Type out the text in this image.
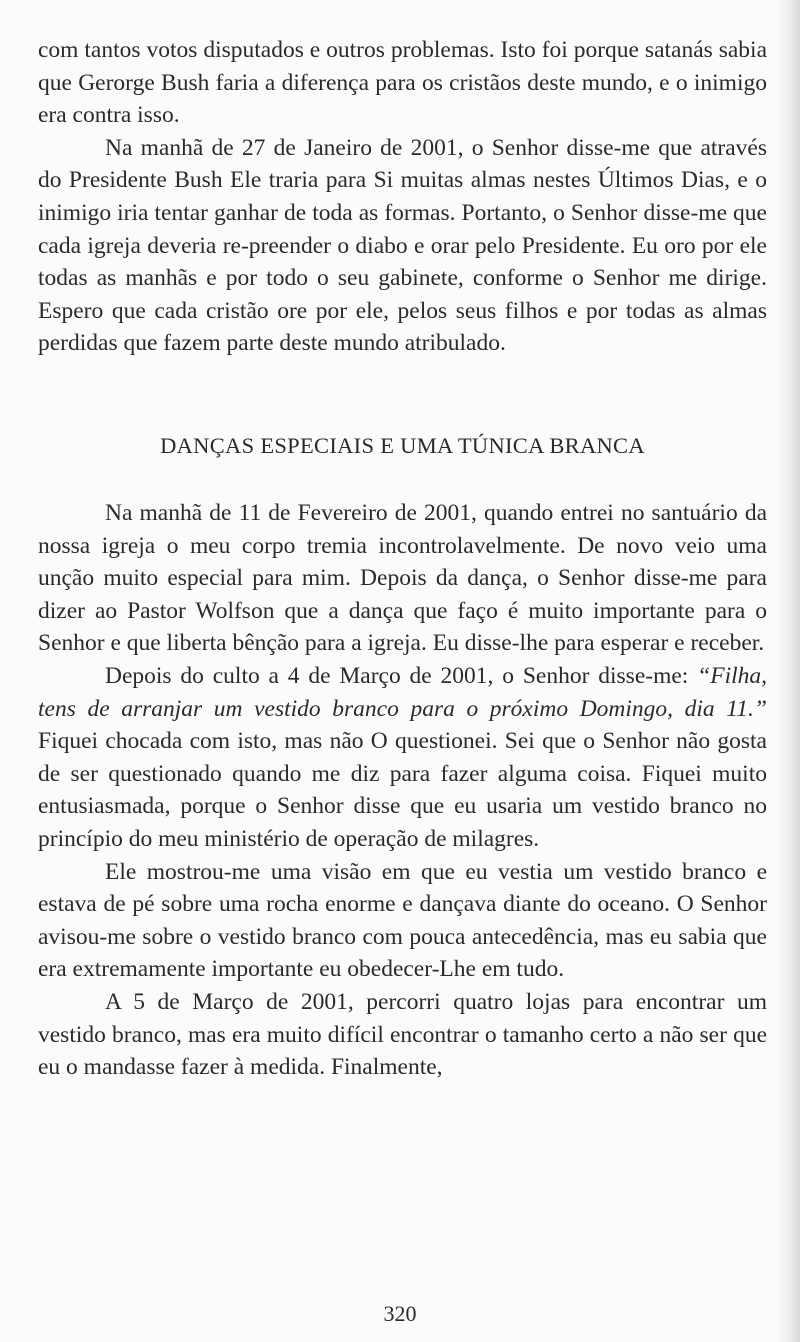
com tantos votos disputados e outros problemas. Isto foi porque satanás sabia que Gerorge Bush faria a diferença para os cristãos deste mundo, e o inimigo era contra isso.

Na manhã de 27 de Janeiro de 2001, o Senhor disse-me que através do Presidente Bush Ele traria para Si muitas almas nestes Últimos Dias, e o inimigo iria tentar ganhar de toda as formas. Portanto, o Senhor disse-me que cada igreja deveria re-preender o diabo e orar pelo Presidente. Eu oro por ele todas as manhãs e por todo o seu gabinete, conforme o Senhor me dirige. Espero que cada cristão ore por ele, pelos seus filhos e por todas as almas perdidas que fazem parte deste mundo atribulado.

DANÇAS ESPECIAIS E UMA TÚNICA BRANCA

Na manhã de 11 de Fevereiro de 2001, quando entrei no santuário da nossa igreja o meu corpo tremia incontrolavelmente. De novo veio uma unção muito especial para mim. Depois da dança, o Senhor disse-me para dizer ao Pastor Wolfson que a dança que faço é muito importante para o Senhor e que liberta bênção para a igreja. Eu disse-lhe para esperar e receber.

Depois do culto a 4 de Março de 2001, o Senhor disse-me: “Filha, tens de arranjar um vestido branco para o próximo Domingo, dia 11.” Fiquei chocada com isto, mas não O questionei. Sei que o Senhor não gosta de ser questionado quando me diz para fazer alguma coisa. Fiquei muito entusiasmada, porque o Senhor disse que eu usaria um vestido branco no princípio do meu ministério de operação de milagres.

Ele mostrou-me uma visão em que eu vestia um vestido branco e estava de pé sobre uma rocha enorme e dançava diante do oceano. O Senhor avisou-me sobre o vestido branco com pouca antecedência, mas eu sabia que era extremamente importante eu obedecer-Lhe em tudo.

A 5 de Março de 2001, percorri quatro lojas para encontrar um vestido branco, mas era muito difícil encontrar o tamanho certo a não ser que eu o mandasse fazer à medida. Finalmente,

320
